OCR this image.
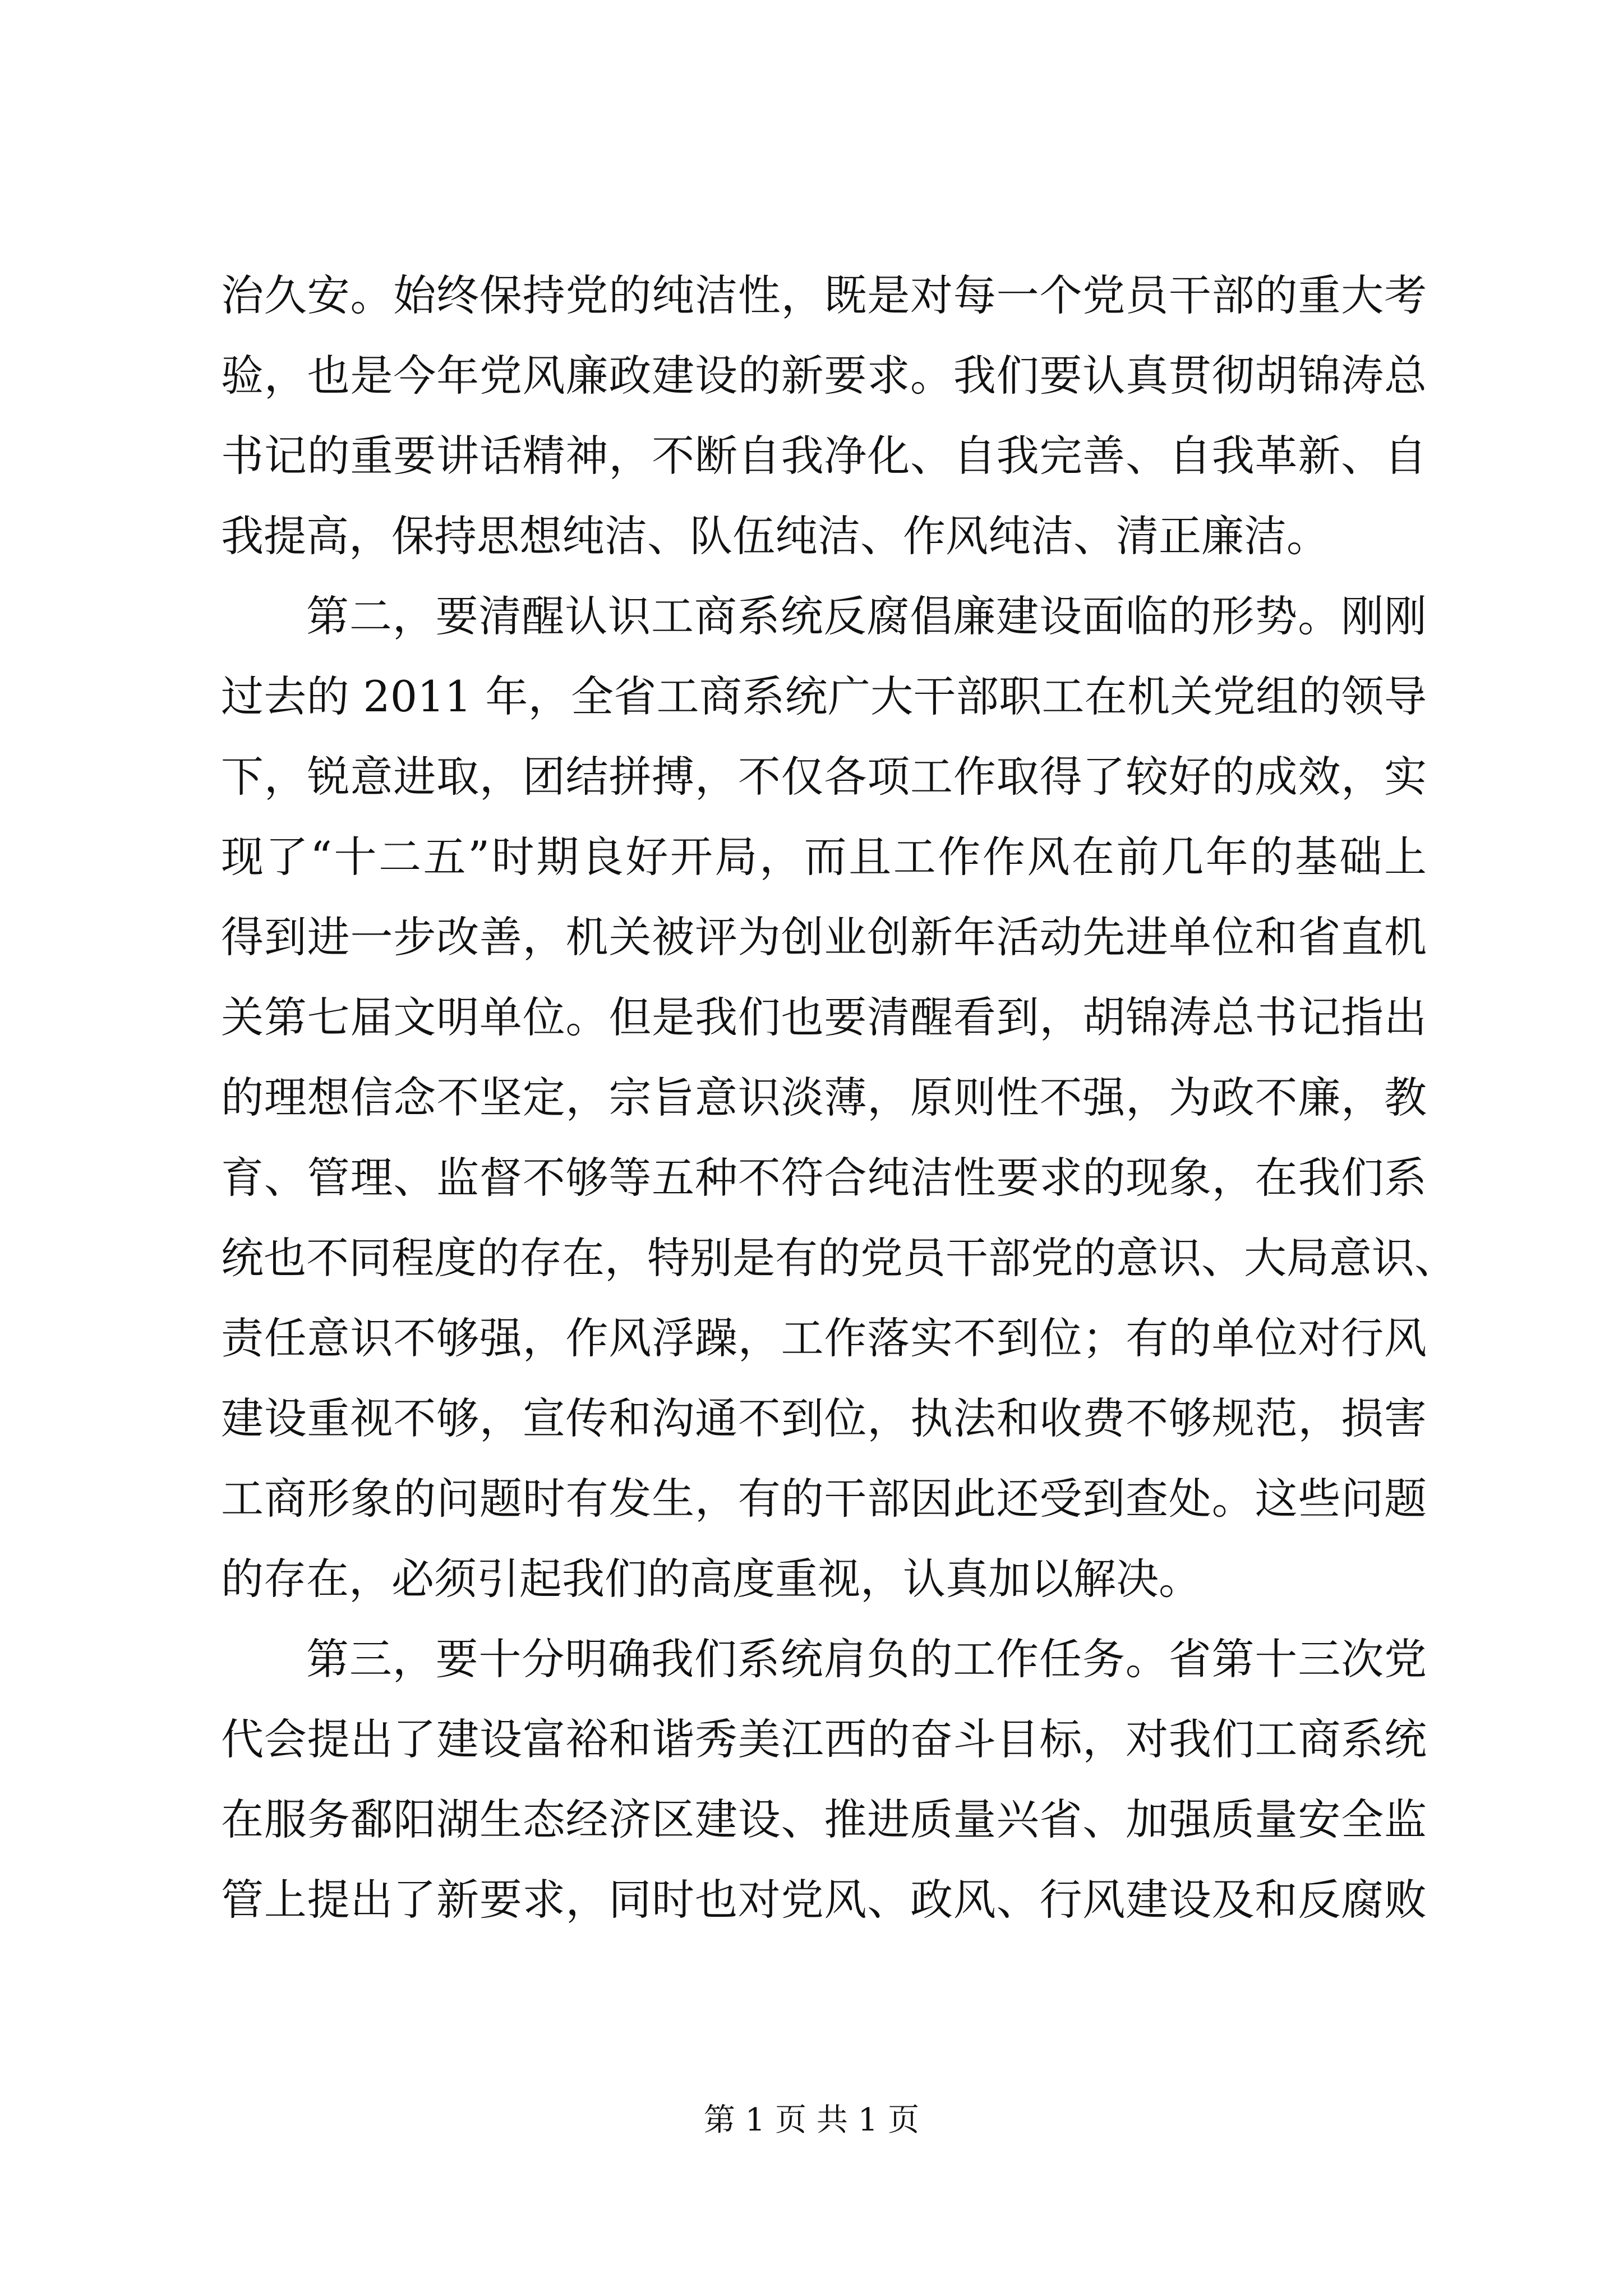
治久安。始终保持党的纯洁性，既是对每一个党员干部的重大考
验，也是今年党风廉政建设的新要求。我们要认真贯彻胡锦涛总
书记的重要讲话精神，不断自我净化、自我完善、自我革新、自
我提高，保持思想纯洁、队伍纯洁、作风纯洁、清正廉洁。
第二，要清醒认识工商系统反腐倡廉建设面临的形势。刚刚
过去的 2011 年，全省工商系统广大干部职工在机关党组的领导
下，锐意进取，团结拼搏，不仅各项工作取得了较好的成效，实
现了“十二五”时期良好开局，而且工作作风在前几年的基础上
得到进一步改善，机关被评为创业创新年活动先进单位和省直机
关第七届文明单位。但是我们也要清醒看到，胡锦涛总书记指出
的理想信念不坚定，宗旨意识淡薄，原则性不强，为政不廉，教
育、管理、监督不够等五种不符合纯洁性要求的现象，在我们系
统也不同程度的存在，特别是有的党员干部党的意识、大局意识、
责任意识不够强，作风浮躁，工作落实不到位；有的单位对行风
建设重视不够，宣传和沟通不到位，执法和收费不够规范，损害
工商形象的问题时有发生，有的干部因此还受到查处。这些问题
的存在，必须引起我们的高度重视，认真加以解决。
第三，要十分明确我们系统肩负的工作任务。省第十三次党
代会提出了建设富裕和谐秀美江西的奋斗目标，对我们工商系统
在服务鄱阳湖生态经济区建设、推进质量兴省、加强质量安全监
管上提出了新要求，同时也对党风、政风、行风建设及和反腐败
第 1 页 共 1 页
